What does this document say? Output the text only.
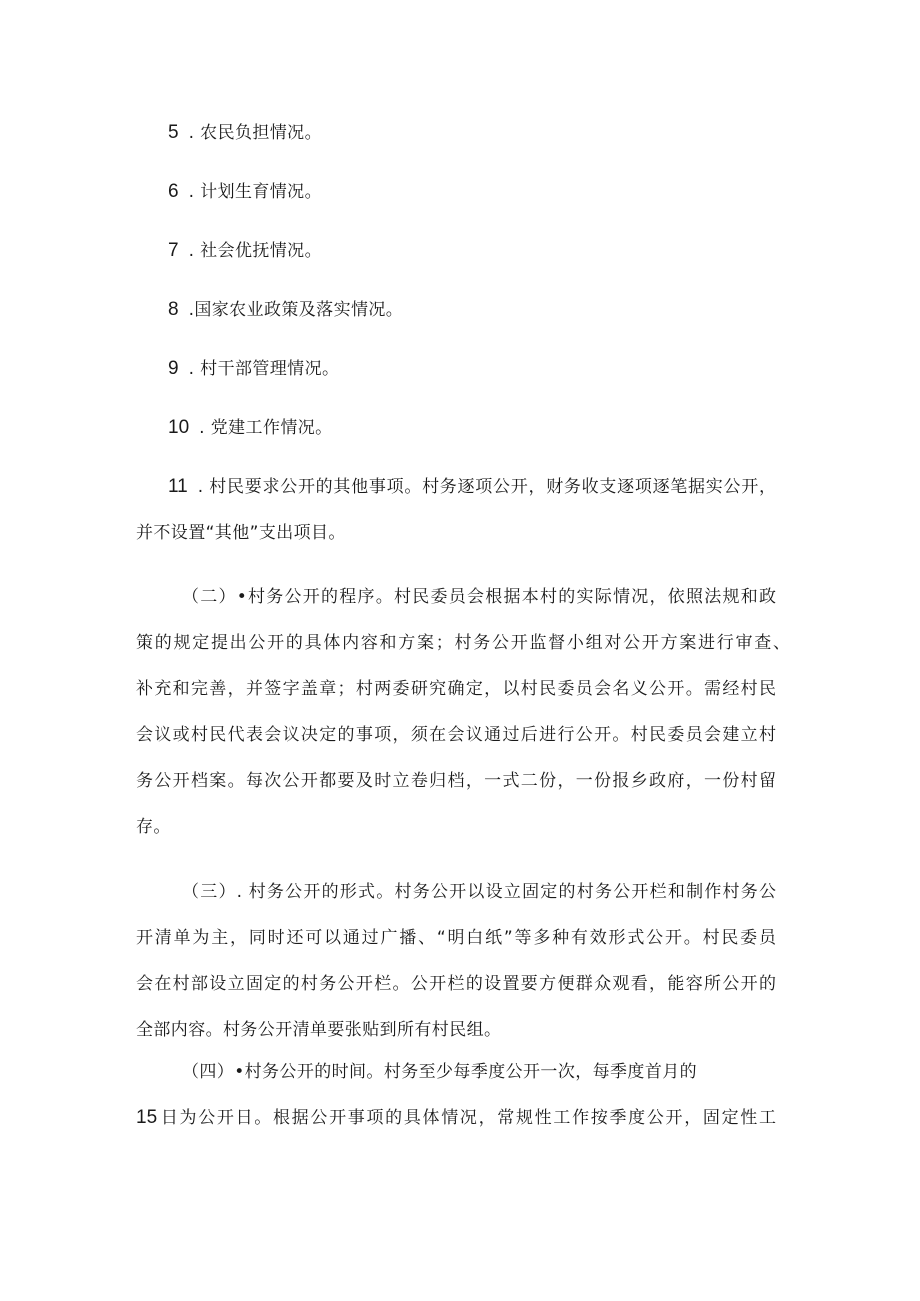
5 . 农民负担情况。
6 . 计划生育情况。
7 . 社会优抚情况。
8 .国家农业政策及落实情况。
9 . 村干部管理情况。
10 . 党建工作情况。
11 . 村民要求公开的其他事项。村务逐项公开，财务收支逐项逐笔据实公开，
并不设置“其他”支出项目。
（二）•村务公开的程序。村民委员会根据本村的实际情况，依照法规和政
策的规定提出公开的具体内容和方案；村务公开监督小组对公开方案进行审查、
补充和完善，并签字盖章；村两委研究确定，以村民委员会名义公开。需经村民
会议或村民代表会议决定的事项，须在会议通过后进行公开。村民委员会建立村
务公开档案。每次公开都要及时立卷归档，一式二份，一份报乡政府，一份村留
存。
（三）. 村务公开的形式。村务公开以设立固定的村务公开栏和制作村务公
开清单为主，同时还可以通过广播、“明白纸”等多种有效形式公开。村民委员
会在村部设立固定的村务公开栏。公开栏的设置要方便群众观看，能容所公开的
全部内容。村务公开清单要张贴到所有村民组。
（四）•村务公开的时间。村务至少每季度公开一次，每季度首月的
15 日为公开日。根据公开事项的具体情况，常规性工作按季度公开，固定性工
